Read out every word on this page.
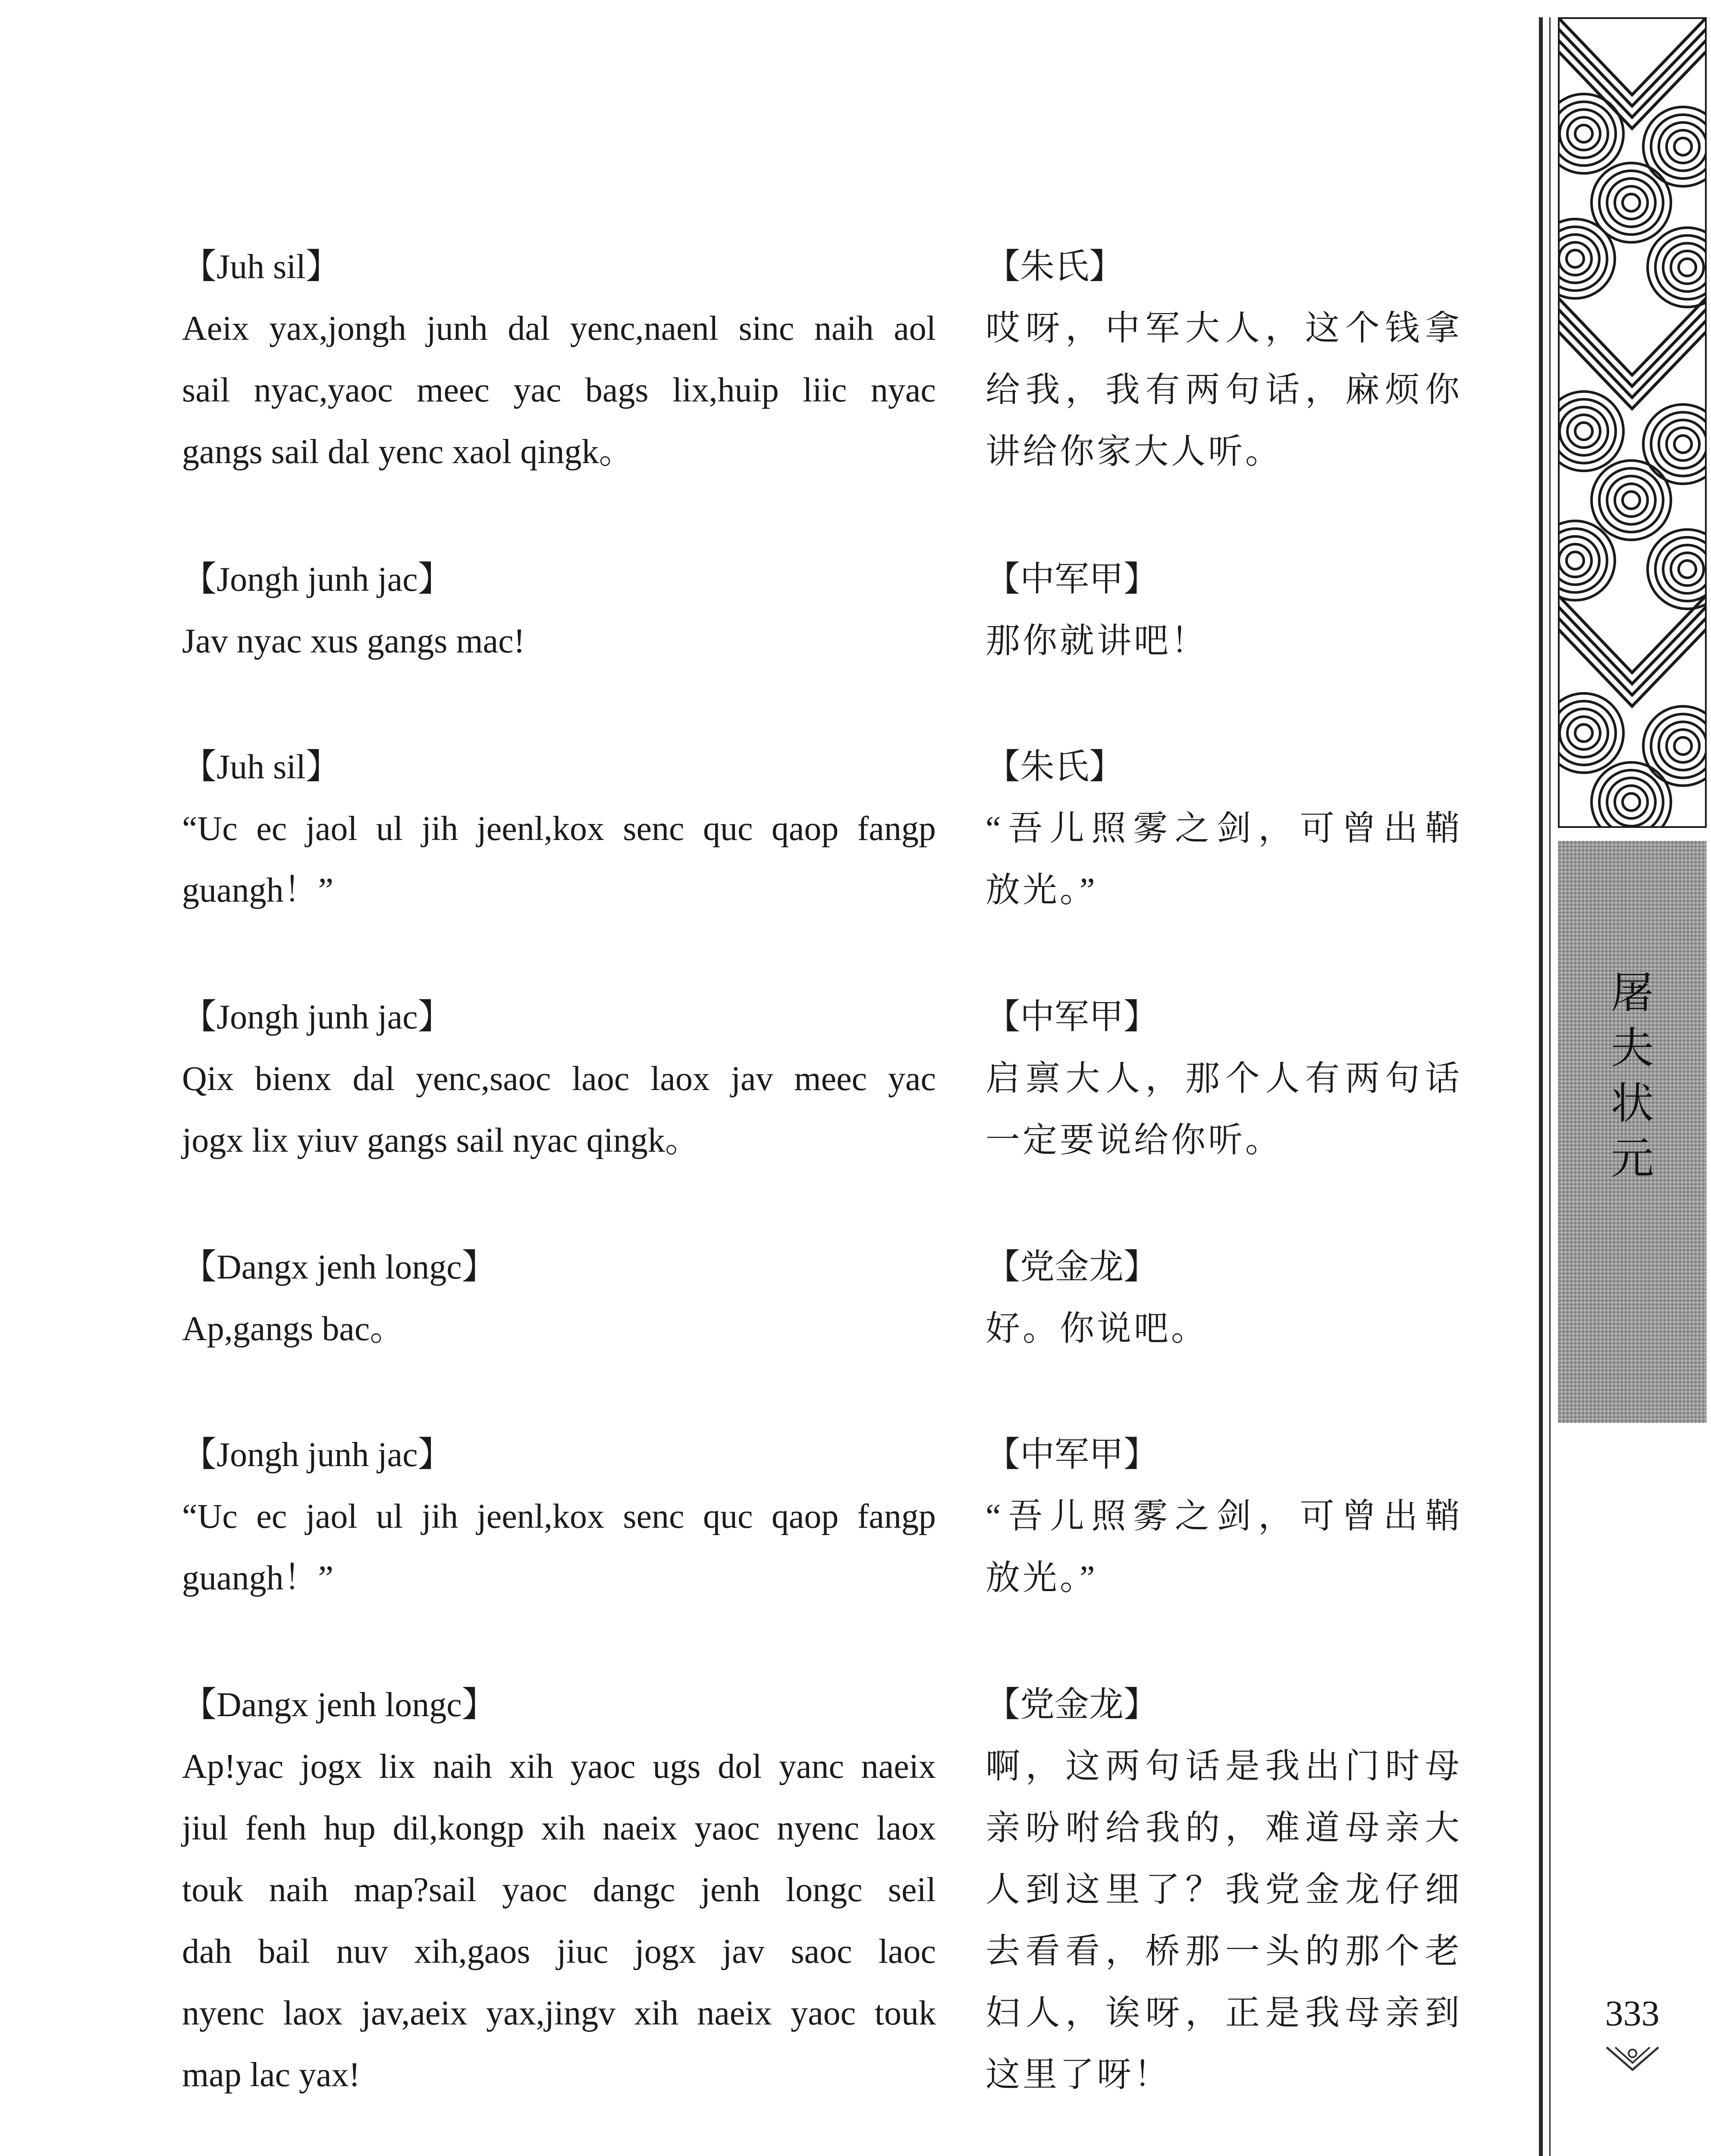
【Juh sil】
Aeix yax,jongh junh dal yenc,naenl sinc naih aol
sail nyac,yaoc meec yac bags lix,huip liic nyac
gangs sail dal yenc xaol qingk。
【Jongh junh jac】
Jav nyac xus gangs mac!
【Juh sil】
“Uc ec jaol ul jih jeenl,kox senc quc qaop fangp
guangh！”
【Jongh junh jac】
Qix bienx dal yenc,saoc laoc laox jav meec yac
jogx lix yiuv gangs sail nyac qingk。
【Dangx jenh longc】
Ap,gangs bac。
【Jongh junh jac】
“Uc ec jaol ul jih jeenl,kox senc quc qaop fangp
guangh！”
【Dangx jenh longc】
Ap!yac jogx lix naih xih yaoc ugs dol yanc naeix
jiul fenh hup dil,kongp xih naeix yaoc nyenc laox
touk naih map?sail yaoc dangc jenh longc seil
dah bail nuv xih,gaos jiuc jogx jav saoc laoc
nyenc laox jav,aeix yax,jingv xih naeix yaoc touk
map lac yax!
【朱氏】
哎 呀 ， 中 军 大 人 ， 这 个 钱 拿
给 我 ， 我 有 两 句 话 ， 麻 烦 你
讲给你家大人听。
【中军甲】
那你就讲吧！
【朱氏】
“ 吾 儿 照 雾 之 剑 ， 可 曾 出 鞘
放光。”
【中军甲】
启 禀 大 人 ， 那 个 人 有 两 句 话
一定要说给你听。
【党金龙】
好。你说吧。
【中军甲】
“ 吾 儿 照 雾 之 剑 ， 可 曾 出 鞘
放光。”
【党金龙】
啊 ， 这 两 句 话 是 我 出 门 时 母
亲 吩 咐 给 我 的 ， 难 道 母 亲 大
人 到 这 里 了 ？ 我 党 金 龙 仔 细
去 看 看 ， 桥 那 一 头 的 那 个 老
妇 人 ， 诶 呀 ， 正 是 我 母 亲 到
这里了呀！
屠
夫
状
元
333
